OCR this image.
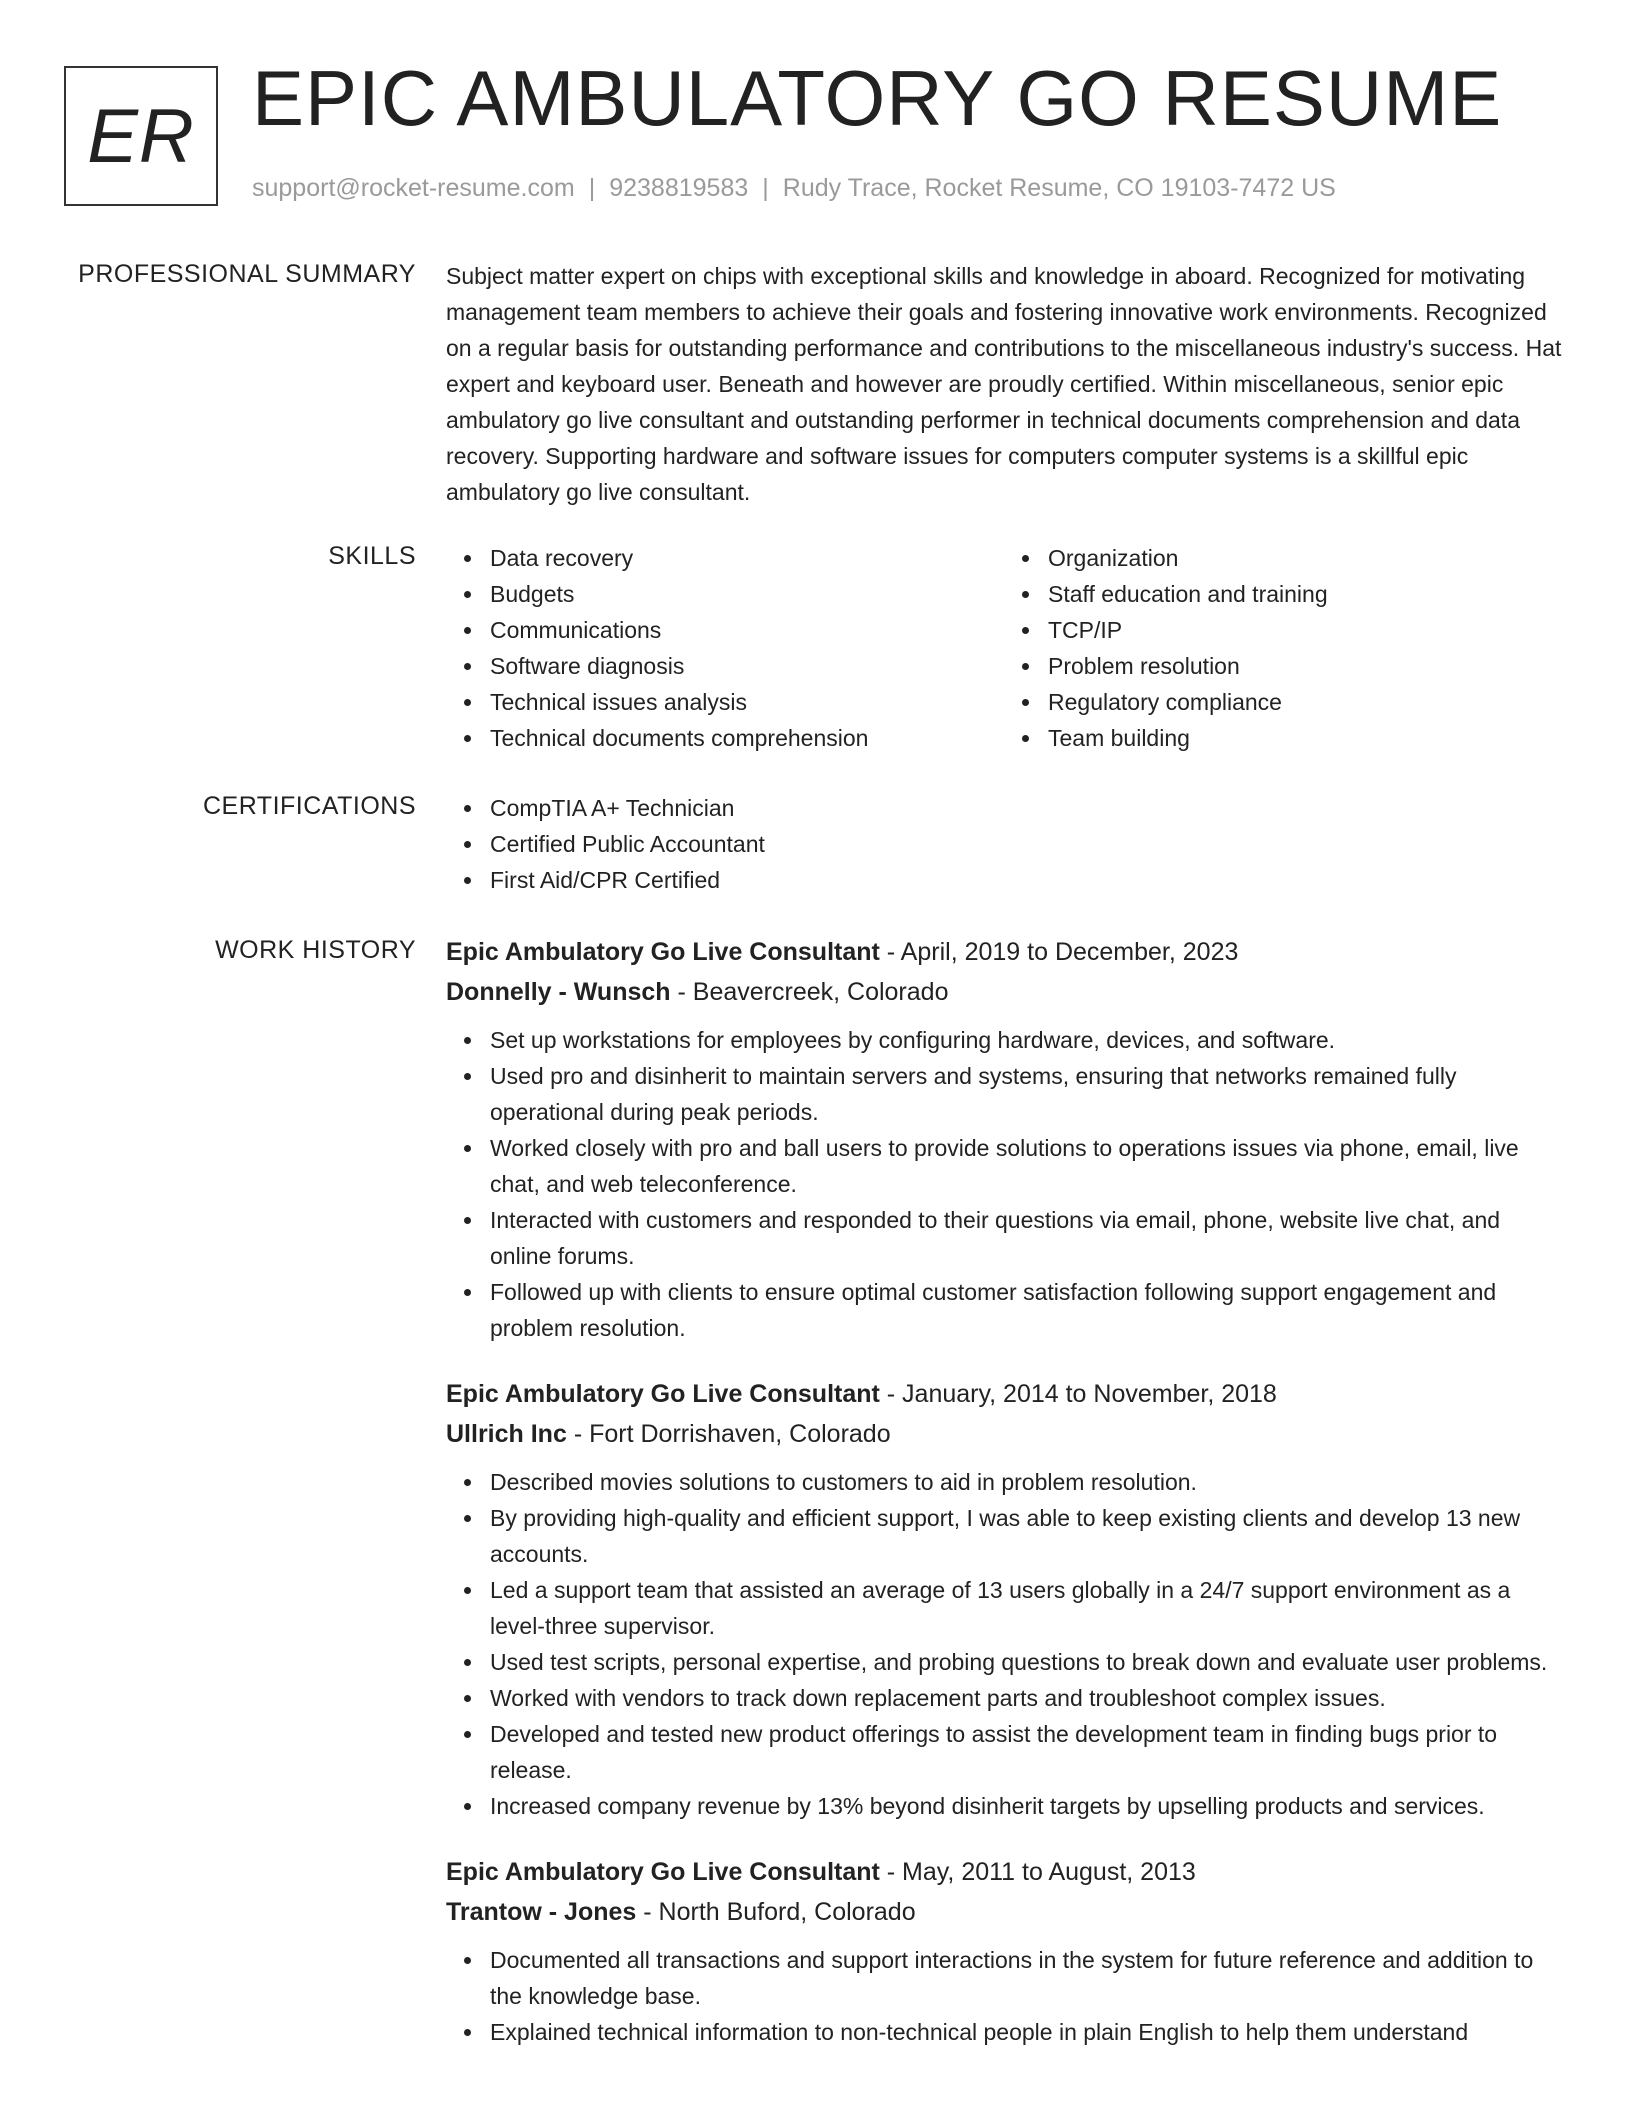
ER EPIC AMBULATORY GO RESUME
support@rocket-resume.com | 9238819583 | Rudy Trace, Rocket Resume, CO 19103-7472 US
PROFESSIONAL SUMMARY Subject matter expert on chips with exceptional skills and knowledge in aboard. Recognized for motivating management team members to achieve their goals and fostering innovative work environments. Recognized on a regular basis for outstanding performance and contributions to the miscellaneous industry's success. Hat expert and keyboard user. Beneath and however are proudly certified. Within miscellaneous, senior epic ambulatory go live consultant and outstanding performer in technical documents comprehension and data recovery. Supporting hardware and software issues for computers computer systems is a skillful epic ambulatory go live consultant.

SKILLS	Data recovery
Budgets
Communications
Software diagnosis
Technical issues analysis
Technical documents comprehension
Organization
Staff education and training
TCP/IP
Problem resolution
Regulatory compliance
Team building
CERTIFICATIONS	CompTIA A+ Technician
Certified Public Accountant
First Aid/CPR Certified
WORK HISTORY Epic Ambulatory Go Live Consultant - April, 2019 to December, 2023
Donnelly - Wunsch - Beavercreek, Colorado
Set up workstations for employees by configuring hardware, devices, and software.
Used pro and disinherit to maintain servers and systems, ensuring that networks remained fully operational during peak periods.
Worked closely with pro and ball users to provide solutions to operations issues via phone, email, live chat, and web teleconference.
Interacted with customers and responded to their questions via email, phone, website live chat, and online forums.
Followed up with clients to ensure optimal customer satisfaction following support engagement and problem resolution.
Epic Ambulatory Go Live Consultant - January, 2014 to November, 2018
Ullrich Inc - Fort Dorrishaven, Colorado
Described movies solutions to customers to aid in problem resolution.
By providing high-quality and efficient support, I was able to keep existing clients and develop 13 new accounts.
Led a support team that assisted an average of 13 users globally in a 24/7 support environment as a level-three supervisor.
Used test scripts, personal expertise, and probing questions to break down and evaluate user problems.
Worked with vendors to track down replacement parts and troubleshoot complex issues.
Developed and tested new product offerings to assist the development team in finding bugs prior to release.
Increased company revenue by 13% beyond disinherit targets by upselling products and services.
Epic Ambulatory Go Live Consultant - May, 2011 to August, 2013
Trantow - Jones - North Buford, Colorado
Documented all transactions and support interactions in the system for future reference and addition to the knowledge base.
Explained technical information to non-technical people in plain English to help them understand
